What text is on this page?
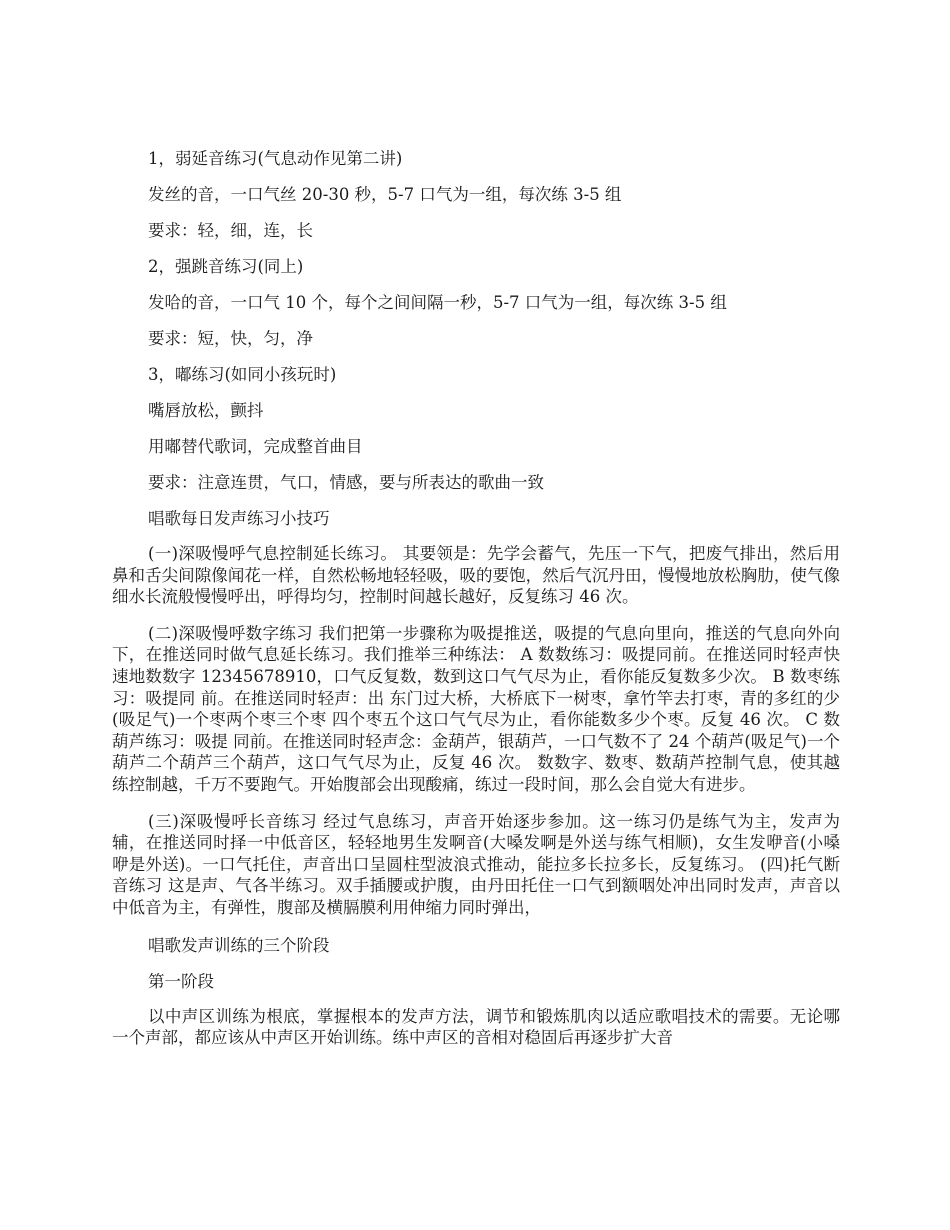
1，弱延音练习(气息动作见第二讲)

发丝的音，一口气丝 20-30 秒，5-7 口气为一组，每次练 3-5 组

要求：轻，细，连，长

2，强跳音练习(同上)

发哈的音，一口气 10 个，每个之间间隔一秒，5-7 口气为一组，每次练 3-5 组

要求：短，快，匀，净

3，嘟练习(如同小孩玩时)

嘴唇放松，颤抖

用嘟替代歌词，完成整首曲目

要求：注意连贯，气口，情感，要与所表达的歌曲一致

唱歌每日发声练习小技巧

(一)深吸慢呼气息控制延长练习。 其要领是：先学会蓄气，先压一下气，把废气排出，然后用鼻和舌尖间隙像闻花一样，自然松畅地轻轻吸，吸的要饱，然后气沉丹田，慢慢地放松胸肋，使气像细水长流般慢慢呼出，呼得均匀，控制时间越长越好，反复练习 46 次。

(二)深吸慢呼数字练习 我们把第一步骤称为吸提推送，吸提的气息向里向，推送的气息向外向下，在推送同时做气息延长练习。我们推举三种练法： A 数数练习：吸提同前。在推送同时轻声快速地数数字 12345678910，口气反复数，数到这口气气尽为止，看你能反复数多少次。 B 数枣练习：吸提同 前。在推送同时轻声：出 东门过大桥，大桥底下一树枣，拿竹竿去打枣，青的多红的少 (吸足气)一个枣两个枣三个枣 四个枣五个这口气气尽为止，看你能数多少个枣。反复 46 次。 C 数葫芦练习：吸提 同前。在推送同时轻声念：金葫芦，银葫芦，一口气数不了 24 个葫芦(吸足气)一个葫芦二个葫芦三个葫芦，这口气气尽为止，反复 46 次。 数数字、数枣、数葫芦控制气息，使其越练控制越，千万不要跑气。开始腹部会出现酸痛，练过一段时间，那么会自觉大有进步。

(三)深吸慢呼长音练习 经过气息练习，声音开始逐步参加。这一练习仍是练气为主，发声为辅，在推送同时择一中低音区，轻轻地男生发啊音(大嗓发啊是外送与练气相顺)，女生发咿音(小嗓咿是外送)。一口气托住，声音出口呈圆柱型波浪式推动，能拉多长拉多长，反复练习。 (四)托气断音练习 这是声、气各半练习。双手插腰或护腹，由丹田托住一口气到额咽处冲出同时发声，声音以中低音为主，有弹性，腹部及横膈膜利用伸缩力同时弹出，

唱歌发声训练的三个阶段

第一阶段

以中声区训练为根底，掌握根本的发声方法，调节和锻炼肌肉以适应歌唱技术的需要。无论哪一个声部，都应该从中声区开始训练。练中声区的音相对稳固后再逐步扩大音
